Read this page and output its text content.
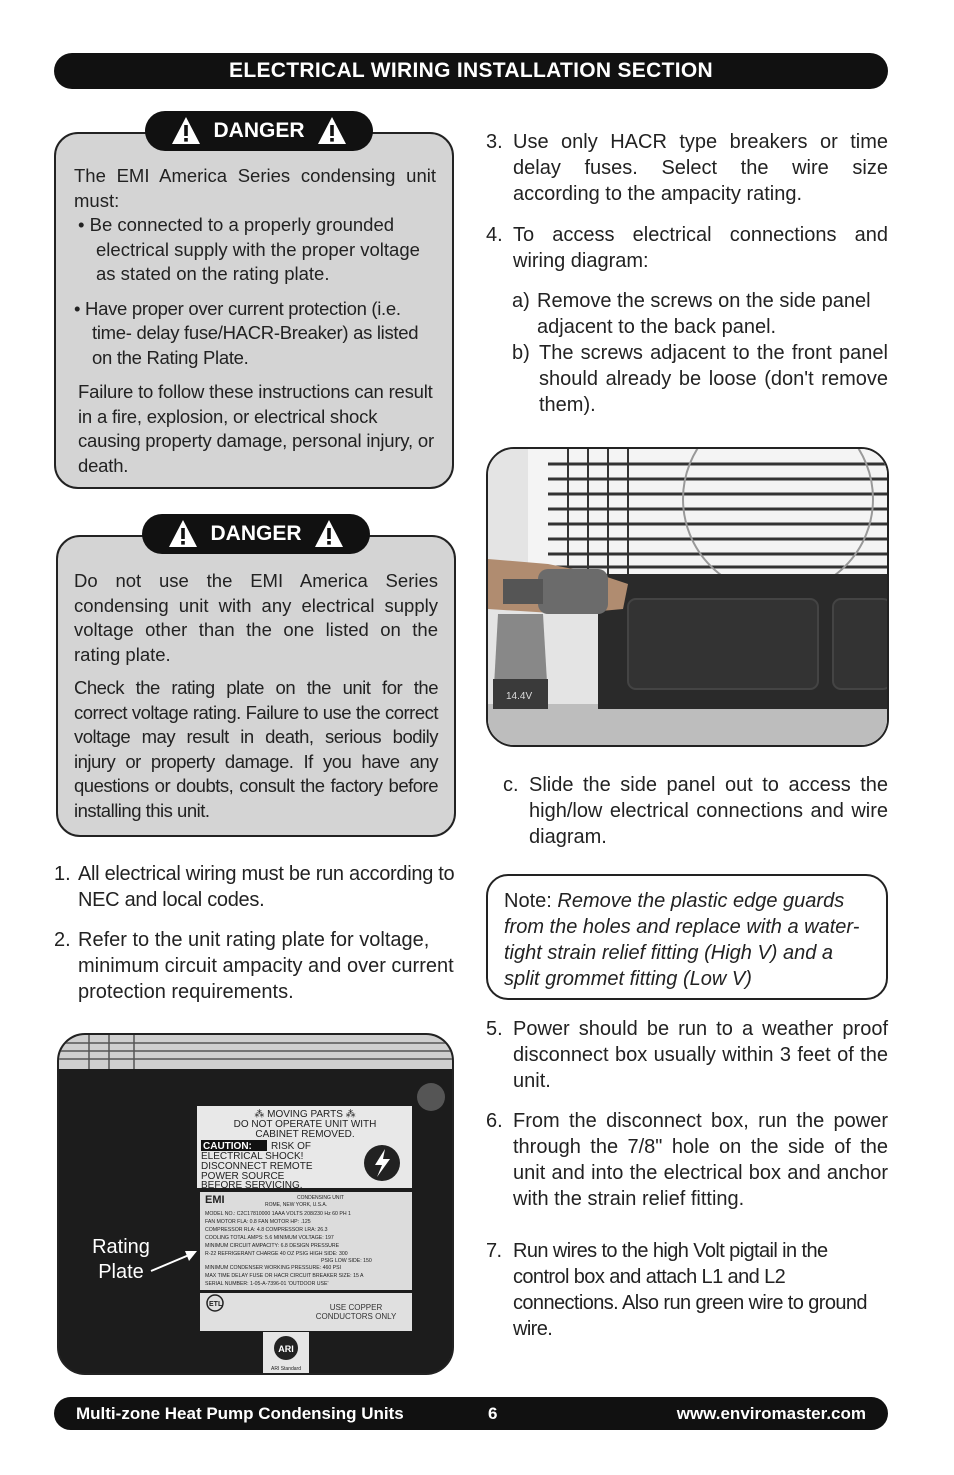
ELECTRICAL WIRING INSTALLATION SECTION

The EMI America Series condensing unit must:

• Be connected to a properly grounded electrical supply with the proper voltage as stated on the rating plate.

• Have proper over current protection (i.e. time- delay fuse/HACR-Breaker) as listed on the Rating Plate.

Failure to follow these instructions can result in a fire, explosion, or electrical shock causing property damage, personal injury, or death.

DANGER

Do not use the EMI America Series condensing unit with any electrical supply voltage other than the one listed on the rating plate.

Check the rating plate on the unit for the correct voltage rating. Failure to use the correct voltage may result in death, serious bodily injury or property damage. If you have any questions or doubts, consult the factory before installing this unit.

DANGER
1. All electrical wiring must be run according to NEC and local codes.

2. Refer to the unit rating plate for voltage, minimum circuit ampacity and over current protection requirements.

3. Use only HACR type breakers or time delay fuses. Select the wire size according to the ampacity rating.

4. To access electrical connections and wiring diagram:

a) Remove the screws on the side panel adjacent to the back panel.

b) The screws adjacent to the front panel should already be loose (don't remove them).

14.4V
c. Slide the side panel out to access the high/low electrical connections and wire diagram.

Note: Remove the plastic edge guards from the holes and replace with a water-tight strain relief fitting (High V) and a split grommet fitting (Low V)
5. Power should be run to a weather proof disconnect box usually within 3 feet of the unit.

6. From the disconnect box, run the power through the 7/8" hole on the side of the unit and into the electrical box and anchor with the strain relief fitting.

7. Run wires to the high Volt pigtail in the control box and attach L1 and L2 connections. Also run green wire to ground wire.

⁂ MOVING PARTS ⁂
DO NOT OPERATE UNIT WITH
CABINET REMOVED.
CAUTION: RISK OF
ELECTRICAL SHOCK!
DISCONNECT REMOTE
POWER SOURCE
BEFORE SERVICING.
EMI	CONDENSING UNIT
ROME, NEW YORK, U.S.A.
MODEL NO.: C2C17810000 1AAA VOLTS 208/230 Hz 60 PH 1
FAN MOTOR FLA: 0.8 FAN MOTOR HP: .125
COMPRESSOR RLA: 4.8 COMPRESSOR LRA: 26.3
COOLING TOTAL AMPS: 5.6 MINIMUM VOLTAGE: 197
MINIMUM CIRCUIT AMPACITY: 6.8 DESIGN PRESSURE
R-22 REFRIGERANT CHARGE 40 OZ PSIG HIGH SIDE: 300
PSIG LOW SIDE: 150
MINIMUM CONDENSER WORKING PRESSURE: 460 PSI
MAX TIME DELAY FUSE OR HACR CIRCUIT BREAKER SIZE: 15 A
SERIAL NUMBER: 1-05-A-7396-01 'OUTDOOR USE'
ETL	USE COPPER
CONDUCTORS ONLY
ARI
ARI Standard
Rating
Plate
Multi-zone Heat Pump Condensing Units	6	www.enviromaster.com
